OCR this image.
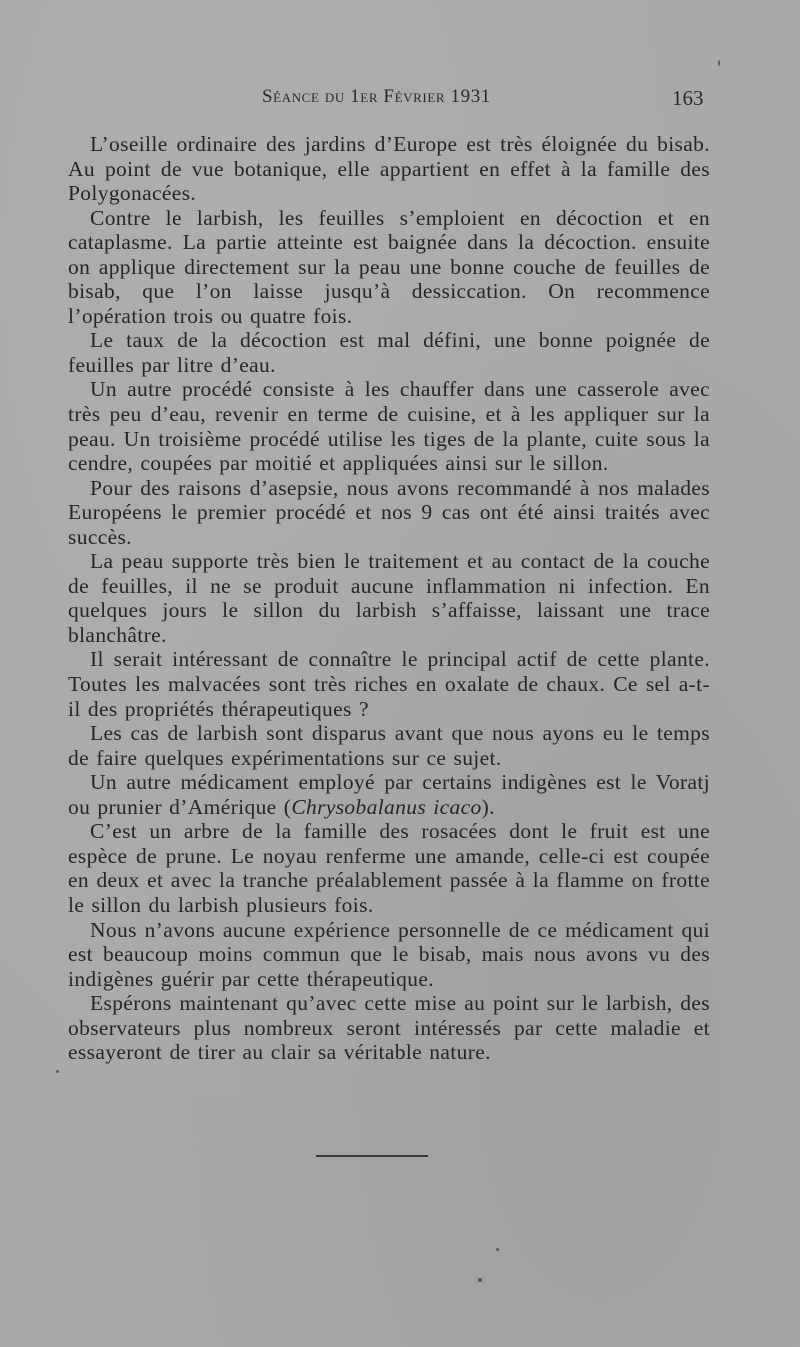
Séance du 1er Février 1931	163

L’oseille ordinaire des jardins d’Europe est très éloignée du bisab. Au point de vue botanique, elle appartient en effet à la famille des Polygonacées.

Contre le larbish, les feuilles s’emploient en décoction et en cataplasme. La partie atteinte est baignée dans la décoction. ensuite on applique directement sur la peau une bonne couche de feuilles de bisab, que l’on laisse jusqu’à dessiccation. On recommence l’opération trois ou quatre fois.

Le taux de la décoction est mal défini, une bonne poignée de feuilles par litre d’eau.

Un autre procédé consiste à les chauffer dans une casserole avec très peu d’eau, revenir en terme de cuisine, et à les appliquer sur la peau. Un troisième procédé utilise les tiges de la plante, cuite sous la cendre, coupées par moitié et appliquées ainsi sur le sillon.

Pour des raisons d’asepsie, nous avons recommandé à nos malades Européens le premier procédé et nos 9 cas ont été ainsi traités avec succès.

La peau supporte très bien le traitement et au contact de la couche de feuilles, il ne se produit aucune inflammation ni infection. En quelques jours le sillon du larbish s’affaisse, laissant une trace blanchâtre.

Il serait intéressant de connaître le principal actif de cette plante. Toutes les malvacées sont très riches en oxalate de chaux. Ce sel a-t-il des propriétés thérapeutiques ?

Les cas de larbish sont disparus avant que nous ayons eu le temps de faire quelques expérimentations sur ce sujet.

Un autre médicament employé par certains indigènes est le Voratj ou prunier d’Amérique (Chrysobalanus icaco).

C’est un arbre de la famille des rosacées dont le fruit est une espèce de prune. Le noyau renferme une amande, celle-ci est coupée en deux et avec la tranche préalablement passée à la flamme on frotte le sillon du larbish plusieurs fois.

Nous n’avons aucune expérience personnelle de ce médicament qui est beaucoup moins commun que le bisab, mais nous avons vu des indigènes guérir par cette thérapeutique.

Espérons maintenant qu’avec cette mise au point sur le larbish, des observateurs plus nombreux seront intéressés par cette maladie et essayeront de tirer au clair sa véritable nature.
